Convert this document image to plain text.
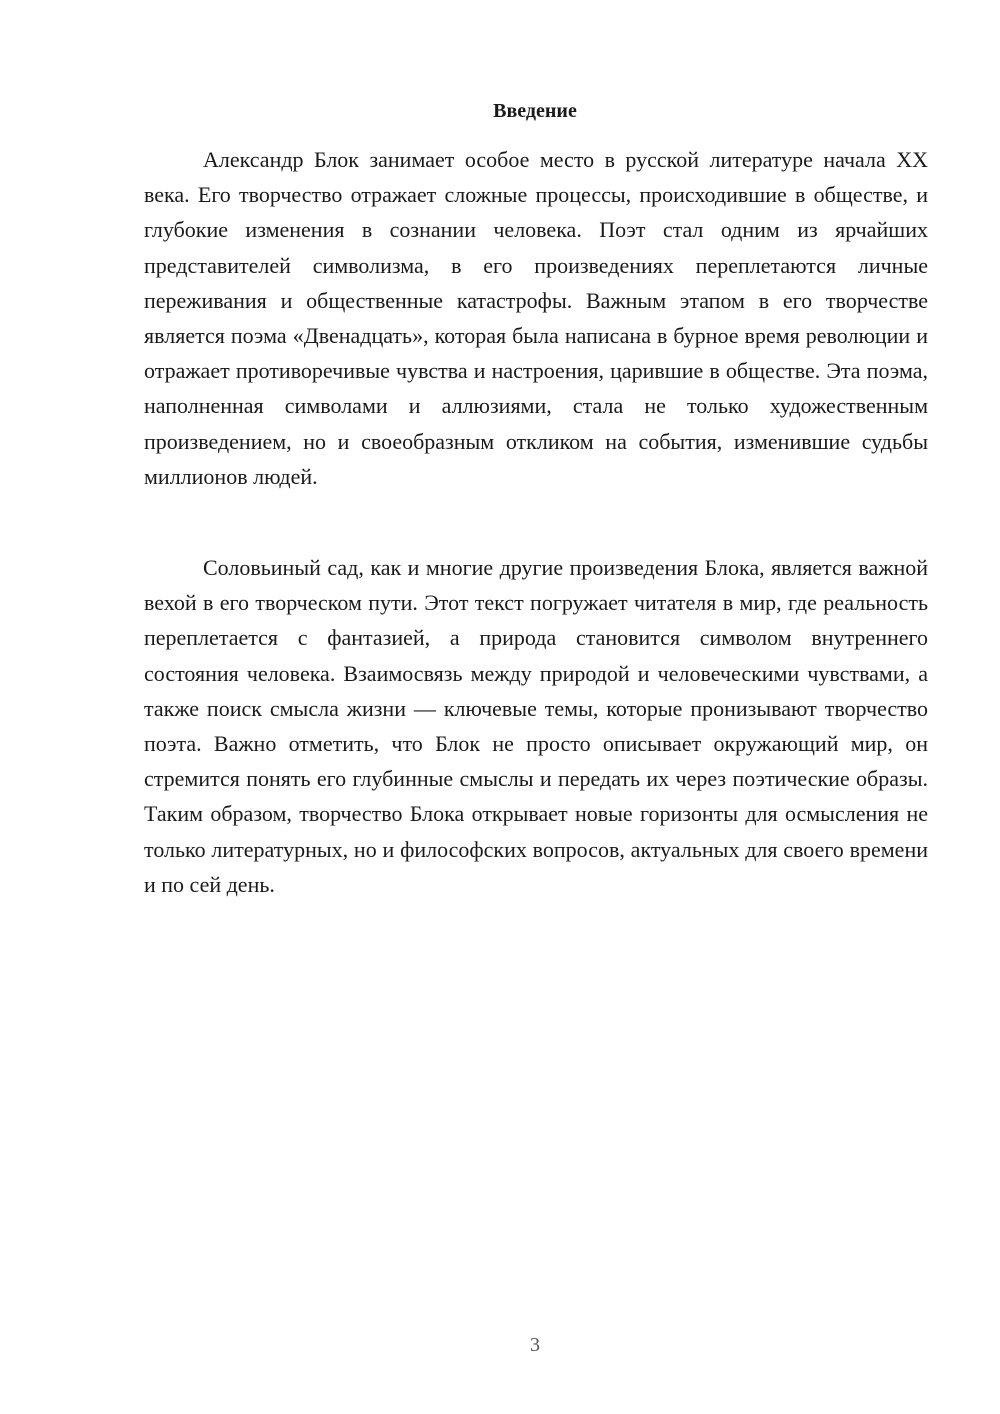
Введение

Александр Блок занимает особое место в русской литературе начала XX века. Его творчество отражает сложные процессы, происходившие в обществе, и глубокие изменения в сознании человека. Поэт стал одним из ярчайших представителей символизма, в его произведениях переплетаются личные переживания и общественные катастрофы. Важным этапом в его творчестве является поэма «Двенадцать», которая была написана в бурное время революции и отражает противоречивые чувства и настроения, царившие в обществе. Эта поэма, наполненная символами и аллюзиями, стала не только художественным произведением, но и своеобразным откликом на события, изменившие судьбы миллионов людей.

Соловьиный сад, как и многие другие произведения Блока, является важной вехой в его творческом пути. Этот текст погружает читателя в мир, где реальность переплетается с фантазией, а природа становится символом внутреннего состояния человека. Взаимосвязь между природой и человеческими чувствами, а также поиск смысла жизни — ключевые темы, которые пронизывают творчество поэта. Важно отметить, что Блок не просто описывает окружающий мир, он стремится понять его глубинные смыслы и передать их через поэтические образы. Таким образом, творчество Блока открывает новые горизонты для осмысления не только литературных, но и философских вопросов, актуальных для своего времени и по сей день.

3
